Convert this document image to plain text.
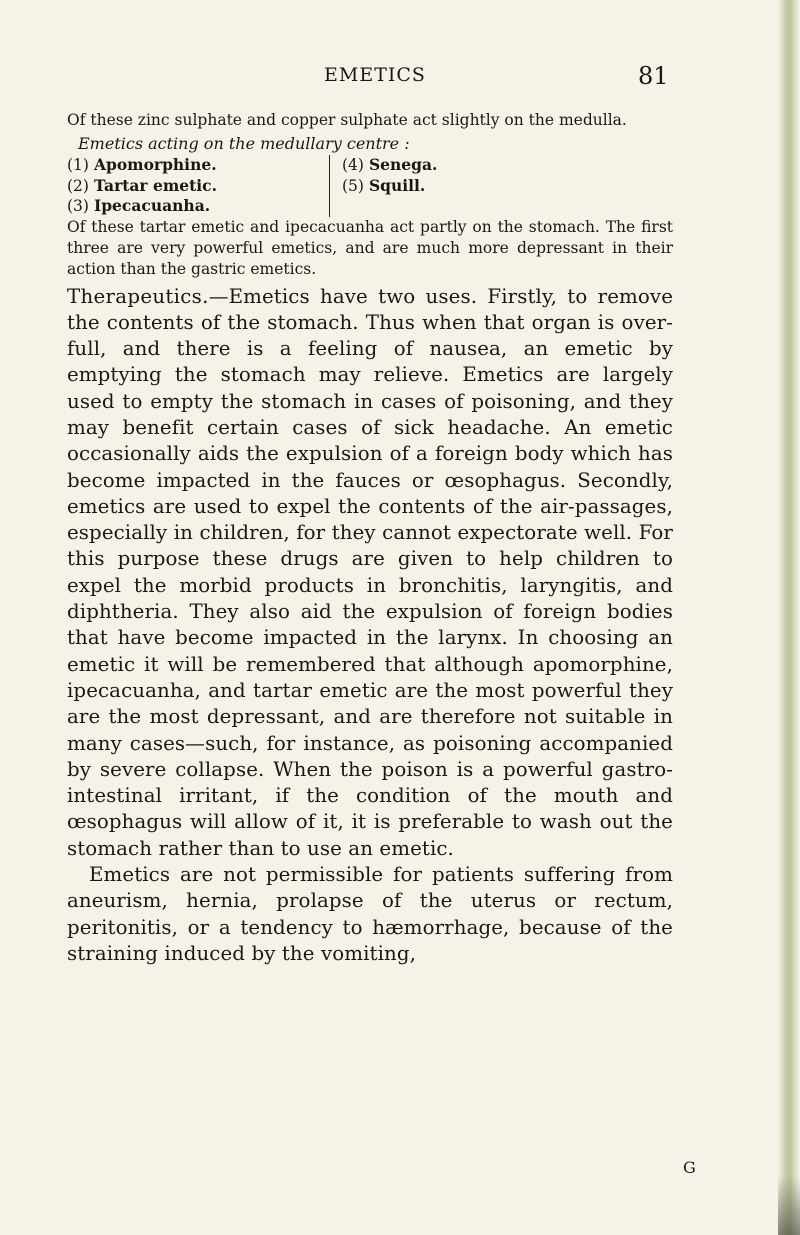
EMETICS	81

Of these zinc sulphate and copper sulphate act slightly on the medulla.

Emetics acting on the medullary centre :

(1) Apomorphine.
(2) Tartar emetic.
(3) Ipecacuanha.
(4) Senega.
(5) Squill.

Of these tartar emetic and ipecacuanha act partly on the stomach. The first three are very powerful emetics, and are much more depressant in their action than the gastric emetics.

Therapeutics.—Emetics have two uses. Firstly, to remove the contents of the stomach. Thus when that organ is over-full, and there is a feeling of nausea, an emetic by emptying the stomach may relieve. Emetics are largely used to empty the stomach in cases of poisoning, and they may benefit certain cases of sick headache. An emetic occasionally aids the expulsion of a foreign body which has become impacted in the fauces or œsophagus. Secondly, emetics are used to expel the contents of the air-passages, especially in children, for they cannot expectorate well. For this purpose these drugs are given to help children to expel the morbid products in bronchitis, laryngitis, and diphtheria. They also aid the expulsion of foreign bodies that have become impacted in the larynx. In choosing an emetic it will be remembered that although apomorphine, ipecacuanha, and tartar emetic are the most powerful they are the most depressant, and are therefore not suitable in many cases—such, for instance, as poisoning accompanied by severe collapse. When the poison is a powerful gastro-intestinal irritant, if the condition of the mouth and œsophagus will allow of it, it is preferable to wash out the stomach rather than to use an emetic.

Emetics are not permissible for patients suffering from aneurism, hernia, prolapse of the uterus or rectum, peritonitis, or a tendency to hæmorrhage, because of the straining induced by the vomiting,

G
